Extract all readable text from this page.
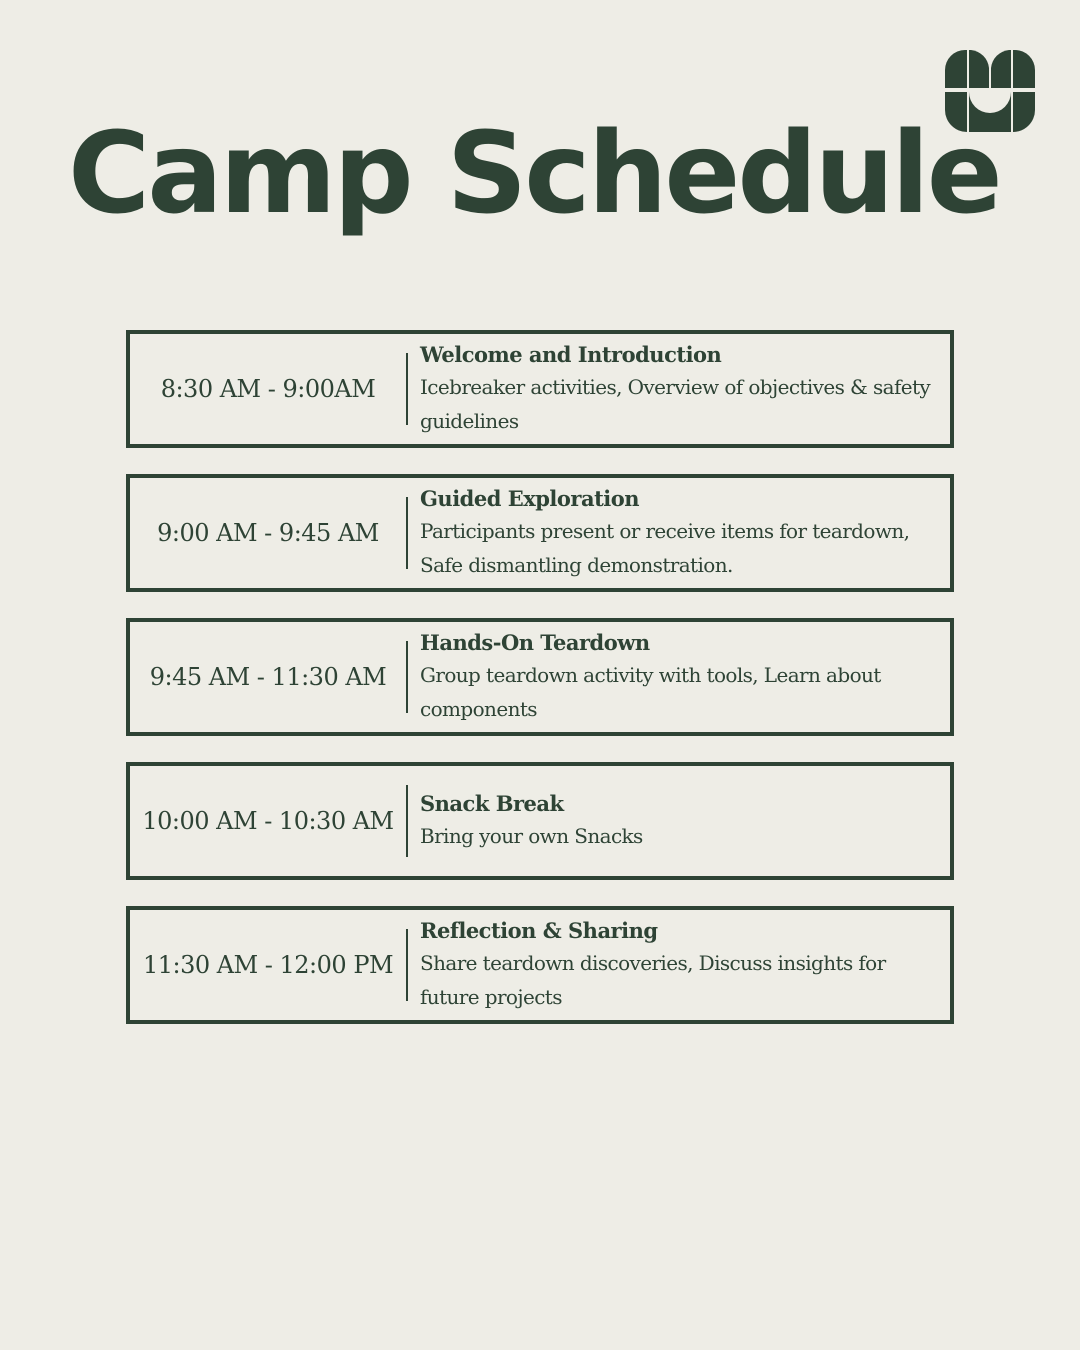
Camp Schedule
8:30 AM - 9:00AM
Welcome and Introduction
Icebreaker activities, Overview of objectives & safety guidelines
9:00 AM - 9:45 AM
Guided Exploration
Participants present or receive items for teardown, Safe dismantling demonstration.
9:45 AM - 11:30 AM
Hands-On Teardown
Group teardown activity with tools, Learn about components
10:00 AM - 10:30 AM
Snack Break
Bring your own Snacks
11:30 AM - 12:00 PM
Reflection & Sharing
Share teardown discoveries, Discuss insights for future projects
